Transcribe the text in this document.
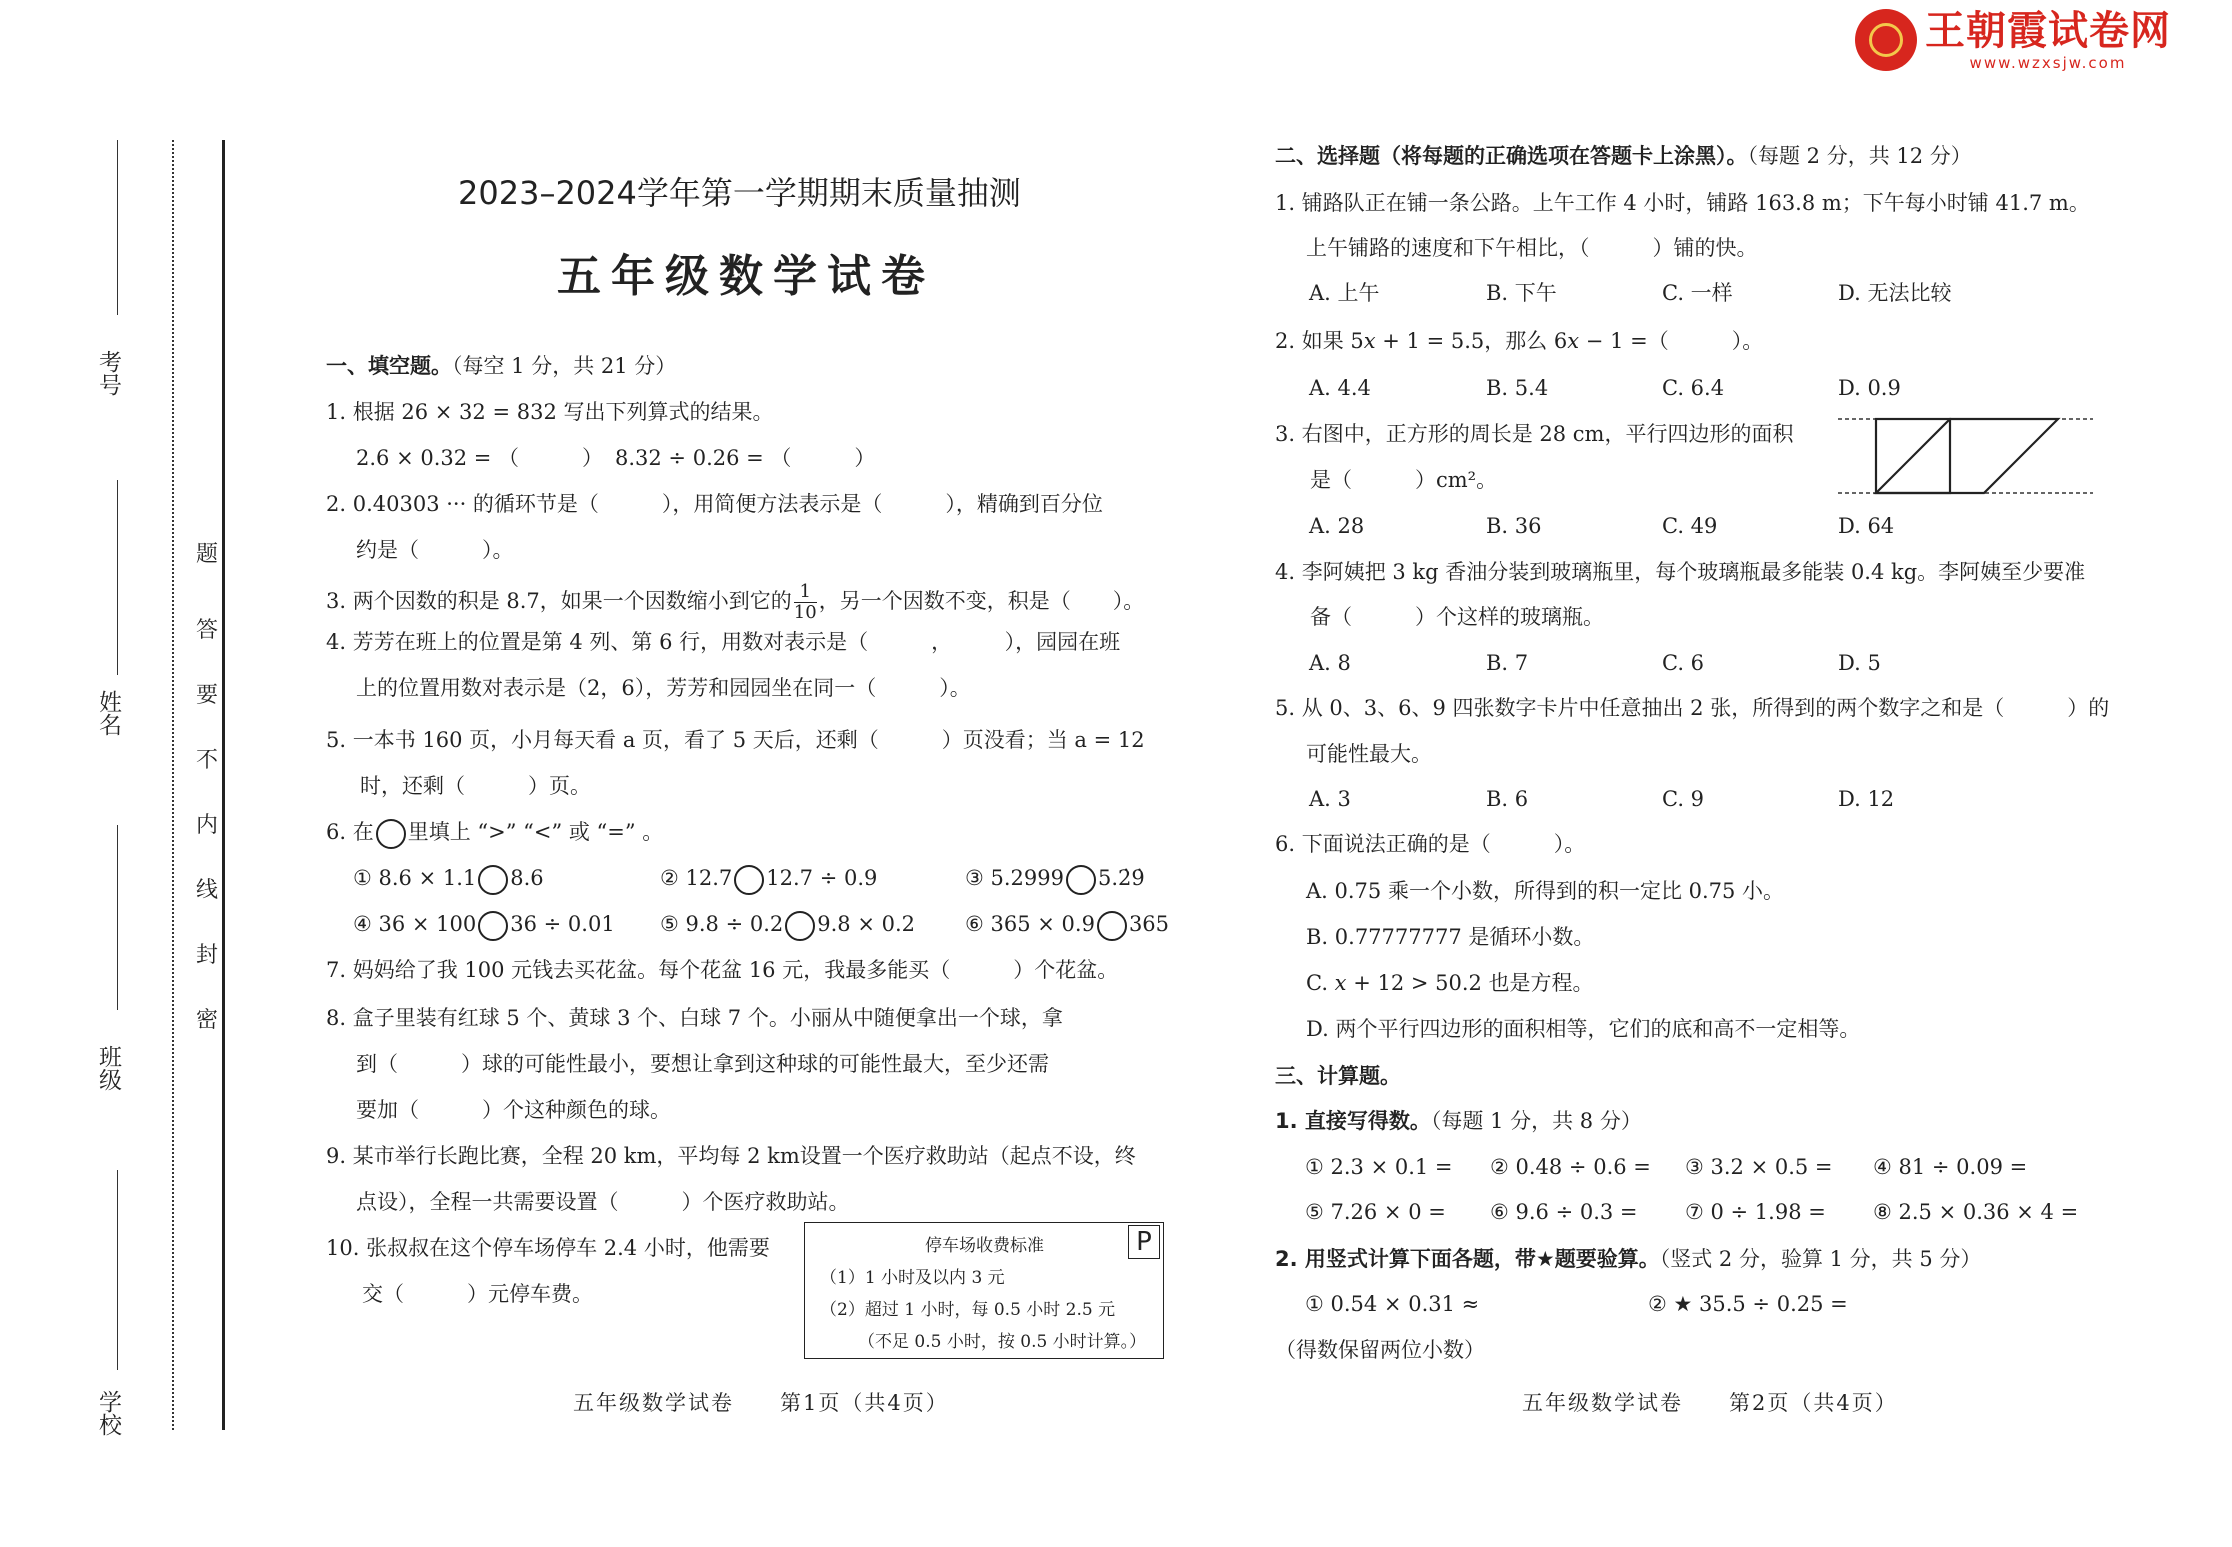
王朝霞试卷网
www.wzxsjw.com
考号
姓名
班级
学校
密
封
线
内
不
要
答
题
2023–2024学年第一学期期末质量抽测
五年级数学试卷
一、填空题。（每空 1 分，共 21 分）
1. 根据 26 × 32 = 832 写出下列算式的结果。
2.6 × 0.32 = （　　　） 8.32 ÷ 0.26 = （　　　）
2. 0.40303 ··· 的循环节是（　　　），用简便方法表示是（　　　），精确到百分位
约是（　　　）。
3. 两个因数的积是 8.7，如果一个因数缩小到它的 $\frac{1}{10}$ ，另一个因数不变，积是（　　）。
4. 芳芳在班上的位置是第 4 列、第 6 行，用数对表示是（　　　，　　　），园园在班
上的位置用数对表示是（2，6），芳芳和园园坐在同一（　　　）。
5. 一本书 160 页，小月每天看 a 页，看了 5 天后，还剩（　　　）页没看；当 a = 12
时，还剩（　　　）页。
6. 在 里填上 “>” “<” 或 “=” 。
① 8.6 × 1.1 8.6	② 12.7 12.7 ÷ 0.9	③ 5.2999 5.2̇9̇
④ 36 × 100 36 ÷ 0.01 ⑤ 9.8 ÷ 0.2 9.8 × 0.2 ⑥ 365 × 0.9 365
7. 妈妈给了我 100 元钱去买花盆。每个花盆 16 元，我最多能买（　　　）个花盆。
8. 盒子里装有红球 5 个、黄球 3 个、白球 7 个。小丽从中随便拿出一个球，拿
到（　　　）球的可能性最小，要想让拿到这种球的可能性最大，至少还需
要加（　　　）个这种颜色的球。
9. 某市举行长跑比赛，全程 20 km，平均每 2 km设置一个医疗救助站（起点不设，终
点设），全程一共需要设置（　　　）个医疗救助站。
10. 张叔叔在这个停车场停车 2.4 小时，他需要
交（　　　）元停车费。
P
停车场收费标准
（1）1 小时及以内 3 元
（2）超过 1 小时，每 0.5 小时 2.5 元
（不足 0.5 小时，按 0.5 小时计算。）
五年级数学试卷　　第1页（共4页）
二、选择题（将每题的正确选项在答题卡上涂黑）。（每题 2 分，共 12 分）
1. 铺路队正在铺一条公路。上午工作 4 小时，铺路 163.8 m；下午每小时铺 41.7 m。
上午铺路的速度和下午相比，（　　　）铺的快。
A. 上午	B. 下午	C. 一样	D. 无法比较
2. 如果 5𝑥 + 1 = 5.5，那么 6𝑥 − 1 =（　　　）。
A. 4.4	B. 5.4	C. 6.4	D. 0.9
3. 右图中，正方形的周长是 28 cm，平行四边形的面积
是（　　　）cm²。
A. 28	B. 36	C. 49	D. 64
4. 李阿姨把 3 kg 香油分装到玻璃瓶里，每个玻璃瓶最多能装 0.4 kg。李阿姨至少要准
备（　　　）个这样的玻璃瓶。
A. 8	B. 7	C. 6	D. 5
5. 从 0、3、6、9 四张数字卡片中任意抽出 2 张，所得到的两个数字之和是（　　　）的
可能性最大。
A. 3	B. 6	C. 9	D. 12
6. 下面说法正确的是（　　　）。
A. 0.75 乘一个小数，所得到的积一定比 0.75 小。
B. 0.77777777 是循环小数。
C. 𝑥 + 12 > 50.2 也是方程。
D. 两个平行四边形的面积相等，它们的底和高不一定相等。
三、计算题。
1. 直接写得数。（每题 1 分，共 8 分）
① 2.3 × 0.1 = ② 0.48 ÷ 0.6 = ③ 3.2 × 0.5 = ④ 81 ÷ 0.09 =
⑤ 7.26 × 0 = ⑥ 9.6 ÷ 0.3 = ⑦ 0 ÷ 1.98 = ⑧ 2.5 × 0.36 × 4 =
2. 用竖式计算下面各题，带★题要验算。（竖式 2 分，验算 1 分，共 5 分）
① 0.54 × 0.31 ≈	② ★ 35.5 ÷ 0.25 =
（得数保留两位小数）
五年级数学试卷　　第2页（共4页）
